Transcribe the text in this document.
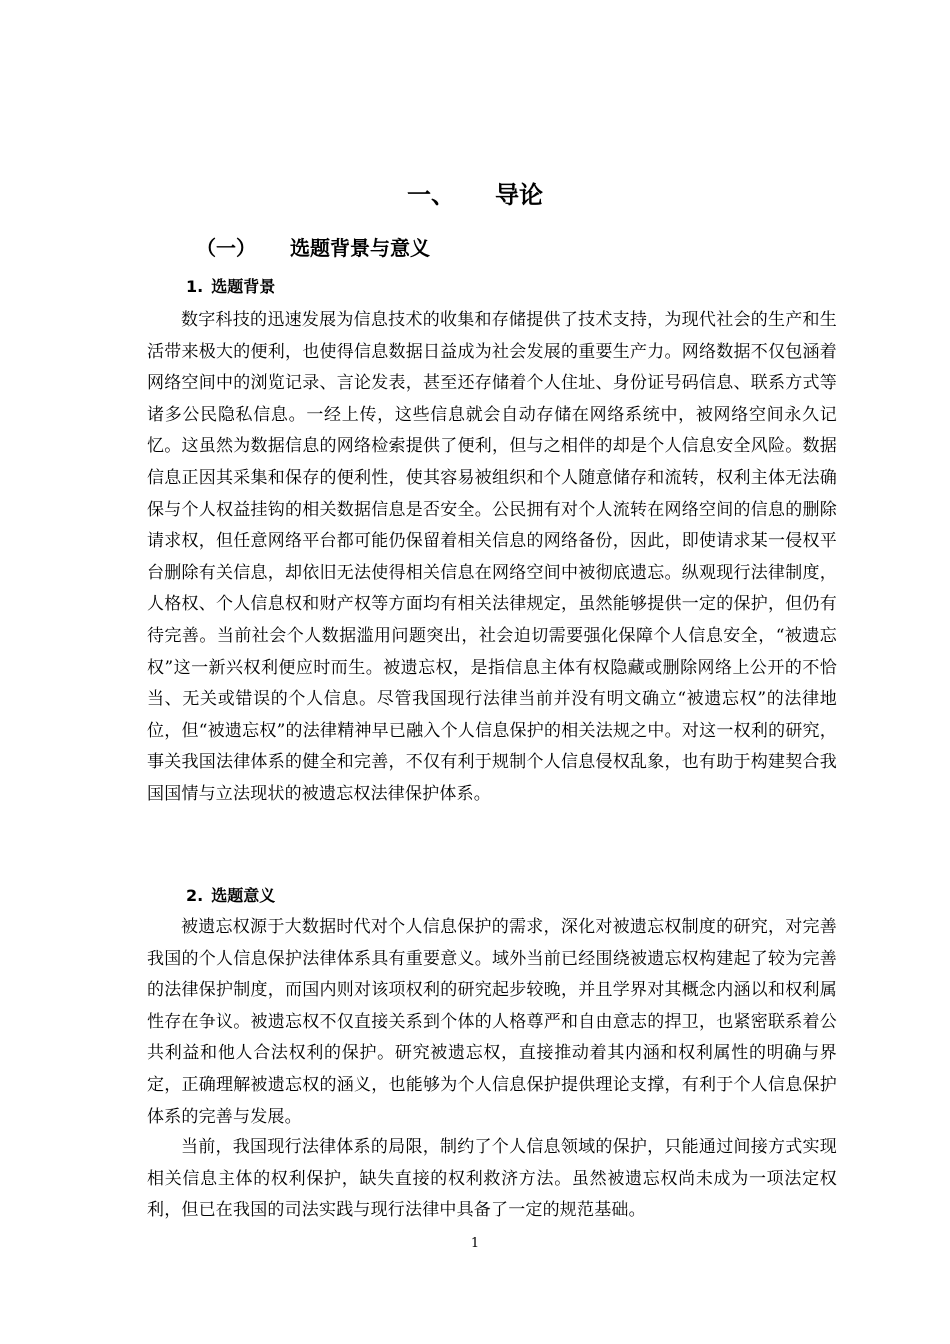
一、 导论
（一） 选题背景与意义
1. 选题背景

数字科技的迅速发展为信息技术的收集和存储提供了技术支持，为现代社会的生产和生活带来极大的便利，也使得信息数据日益成为社会发展的重要生产力。网络数据不仅包涵着网络空间中的浏览记录、言论发表，甚至还存储着个人住址、身份证号码信息、联系方式等诸多公民隐私信息。一经上传，这些信息就会自动存储在网络系统中，被网络空间永久记忆。这虽然为数据信息的网络检索提供了便利，但与之相伴的却是个人信息安全风险。数据信息正因其采集和保存的便利性，使其容易被组织和个人随意储存和流转，权利主体无法确保与个人权益挂钩的相关数据信息是否安全。公民拥有对个人流转在网络空间的信息的删除请求权，但任意网络平台都可能仍保留着相关信息的网络备份，因此，即使请求某一侵权平台删除有关信息，却依旧无法使得相关信息在网络空间中被彻底遗忘。纵观现行法律制度，人格权、个人信息权和财产权等方面均有相关法律规定，虽然能够提供一定的保护，但仍有待完善。当前社会个人数据滥用问题突出，社会迫切需要强化保障个人信息安全，“被遗忘权”这一新兴权利便应时而生。被遗忘权，是指信息主体有权隐藏或删除网络上公开的不恰当、无关或错误的个人信息。尽管我国现行法律当前并没有明文确立“被遗忘权”的法律地位，但“被遗忘权”的法律精神早已融入个人信息保护的相关法规之中。对这一权利的研究，事关我国法律体系的健全和完善，不仅有利于规制个人信息侵权乱象，也有助于构建契合我国国情与立法现状的被遗忘权法律保护体系。

2. 选题意义

被遗忘权源于大数据时代对个人信息保护的需求，深化对被遗忘权制度的研究，对完善我国的个人信息保护法律体系具有重要意义。域外当前已经围绕被遗忘权构建起了较为完善的法律保护制度，而国内则对该项权利的研究起步较晚，并且学界对其概念内涵以和权利属性存在争议。被遗忘权不仅直接关系到个体的人格尊严和自由意志的捍卫，也紧密联系着公共利益和他人合法权利的保护。研究被遗忘权，直接推动着其内涵和权利属性的明确与界定，正确理解被遗忘权的涵义，也能够为个人信息保护提供理论支撑，有利于个人信息保护体系的完善与发展。

当前，我国现行法律体系的局限，制约了个人信息领域的保护，只能通过间接方式实现相关信息主体的权利保护，缺失直接的权利救济方法。虽然被遗忘权尚未成为一项法定权利，但已在我国的司法实践与现行法律中具备了一定的规范基础。

1
